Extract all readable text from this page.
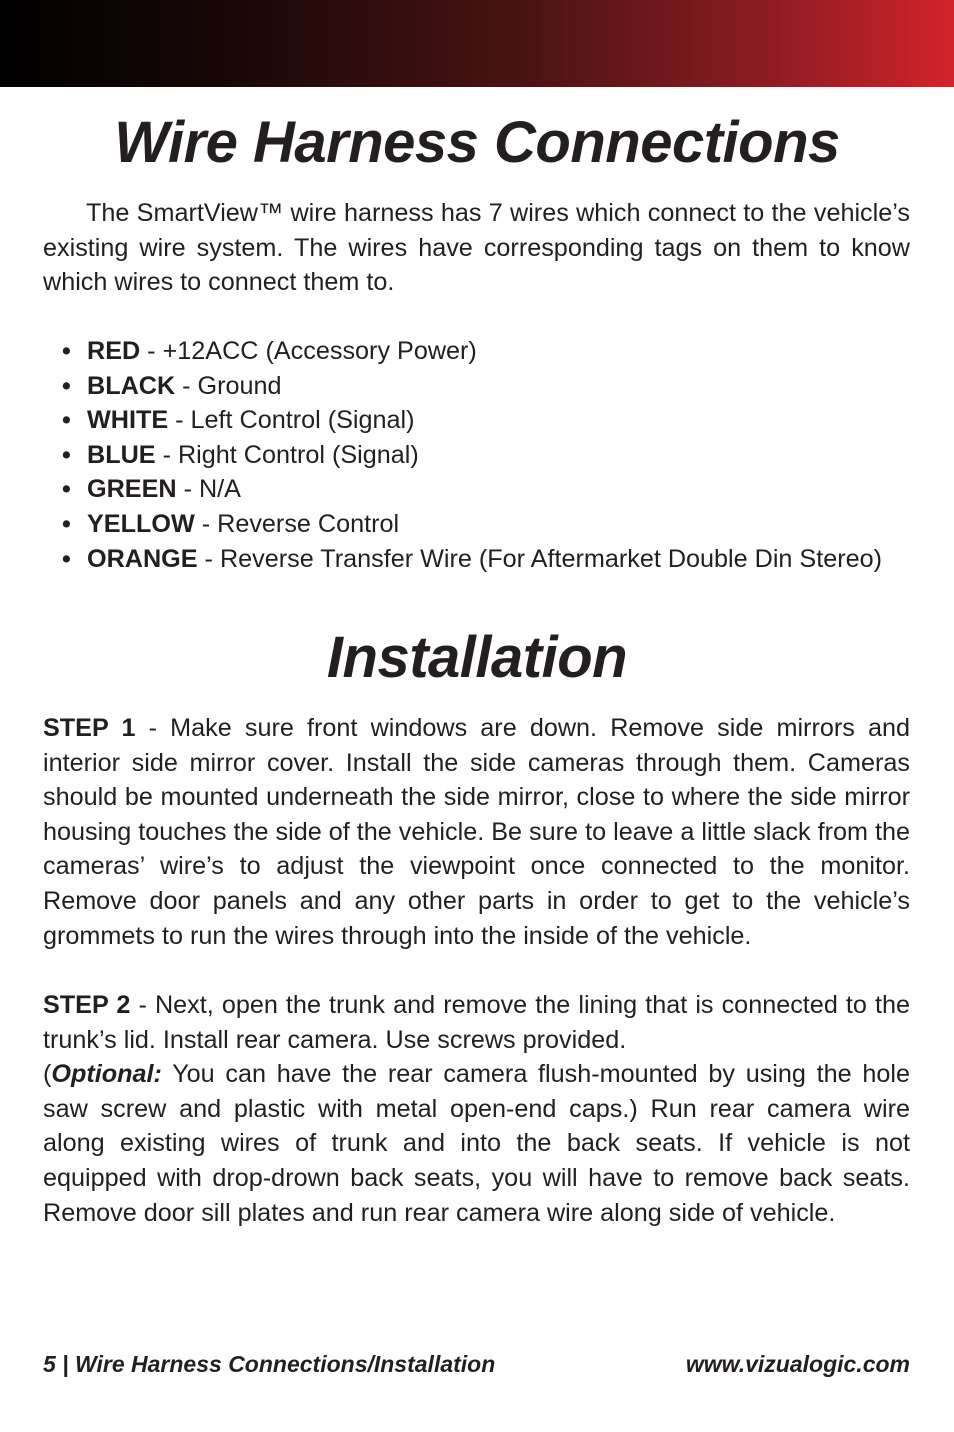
Wire Harness Connections

The SmartView™ wire harness has 7 wires which connect to the vehicle’s existing wire system. The wires have corresponding tags on them to know which wires to connect them to.

• RED - +12ACC (Accessory Power)
• BLACK - Ground
• WHITE - Left Control (Signal)
• BLUE - Right Control (Signal)
• GREEN - N/A
• YELLOW - Reverse Control
• ORANGE - Reverse Transfer Wire (For Aftermarket Double Din Stereo)
Installation

STEP 1 - Make sure front windows are down. Remove side mirrors and interior side mirror cover. Install the side cameras through them. Cameras should be mounted underneath the side mirror, close to where the side mirror housing touches the side of the vehicle. Be sure to leave a little slack from the cameras’ wire’s to adjust the viewpoint once connected to the monitor. Remove door panels and any other parts in order to get to the vehicle’s grommets to run the wires through into the inside of the vehicle.

STEP 2 - Next, open the trunk and remove the lining that is connected to the trunk’s lid. Install rear camera. Use screws provided.
(Optional: You can have the rear camera flush-mounted by using the hole saw screw and plastic with metal open-end caps.) Run rear camera wire along existing wires of trunk and into the back seats. If vehicle is not equipped with drop-drown back seats, you will have to remove back seats. Remove door sill plates and run rear camera wire along side of vehicle.

5 | Wire Harness Connections/Installation	www.vizualogic.com
